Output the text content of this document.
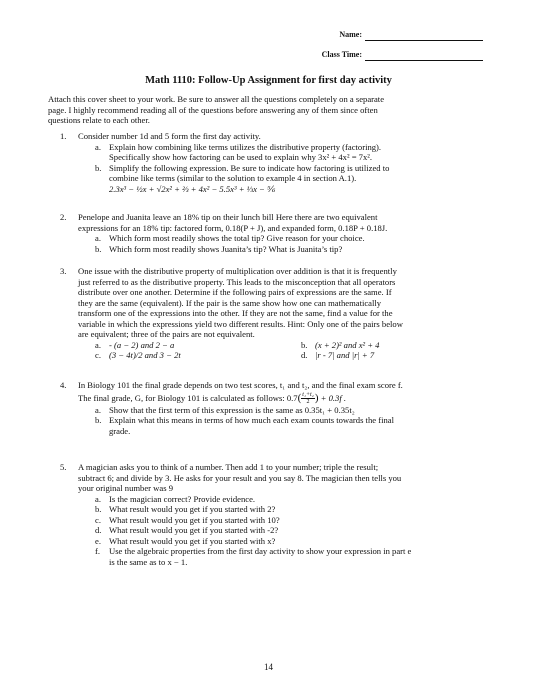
Name:
Class Time:
Math 1110: Follow-Up Assignment for first day activity
Attach this cover sheet to your work. Be sure to answer all the questions completely on a separate
page. I highly recommend reading all of the questions before answering any of them since often
questions relate to each other.
1. Consider number 1d and 5 form the first day activity.
a. Explain how combining like terms utilizes the distributive property (factoring).
Specifically show how factoring can be used to explain why 3x² + 4x² = 7x².
b. Simplify the following expression. Be sure to indicate how factoring is utilized to
combine like terms (similar to the solution to example 4 in section A.1).
2.3x³ − ½x + √2x² + ⅔ + 4x² − 5.5x³ + ⅓x − ⅚
2. Penelope and Juanita leave an 18% tip on their lunch bill Here there are two equivalent
expressions for an 18% tip: factored form, 0.18(P + J), and expanded form, 0.18P + 0.18J.
a. Which form most readily shows the total tip? Give reason for your choice.
b. Which form most readily shows Juanita’s tip? What is Juanita’s tip?
3. One issue with the distributive property of multiplication over addition is that it is frequently
just referred to as the distributive property. This leads to the misconception that all operators
distribute over one another. Determine if the following pairs of expressions are the same. If
they are the same (equivalent). If the pair is the same show how one can mathematically
transform one of the expressions into the other. If they are not the same, find a value for the
variable in which the expressions yield two different results. Hint: Only one of the pairs below
are equivalent; three of the pairs are not equivalent.
a. - (a − 2) and 2 − a	b. (x + 2)² and x² + 4
c. (3 − 4t)/2 and 3 − 2t	d. |r - 7| and |r| + 7
4. In Biology 101 the final grade depends on two test scores, t₁ and t₂, and the final exam score f.
The final grade, G, for Biology 101 is calculated as follows: $0.7( \frac{\text{t₁+t₂}}{2}$ ) + 0.3f .
a. Show that the first term of this expression is the same as 0.35t₁ + 0.35t₂
b. Explain what this means in terms of how much each exam counts towards the final
grade.
5. A magician asks you to think of a number. Then add 1 to your number; triple the result;
subtract 6; and divide by 3. He asks for your result and you say 8. The magician then tells you
your original number was 9
a. Is the magician correct? Provide evidence.
b. What result would you get if you started with 2?
c. What result would you get if you started with 10?
d. What result would you get if you started with -2?
e. What result would you get if you started with x?
f. Use the algebraic properties from the first day activity to show your expression in part e
is the same as to x − 1.
14
